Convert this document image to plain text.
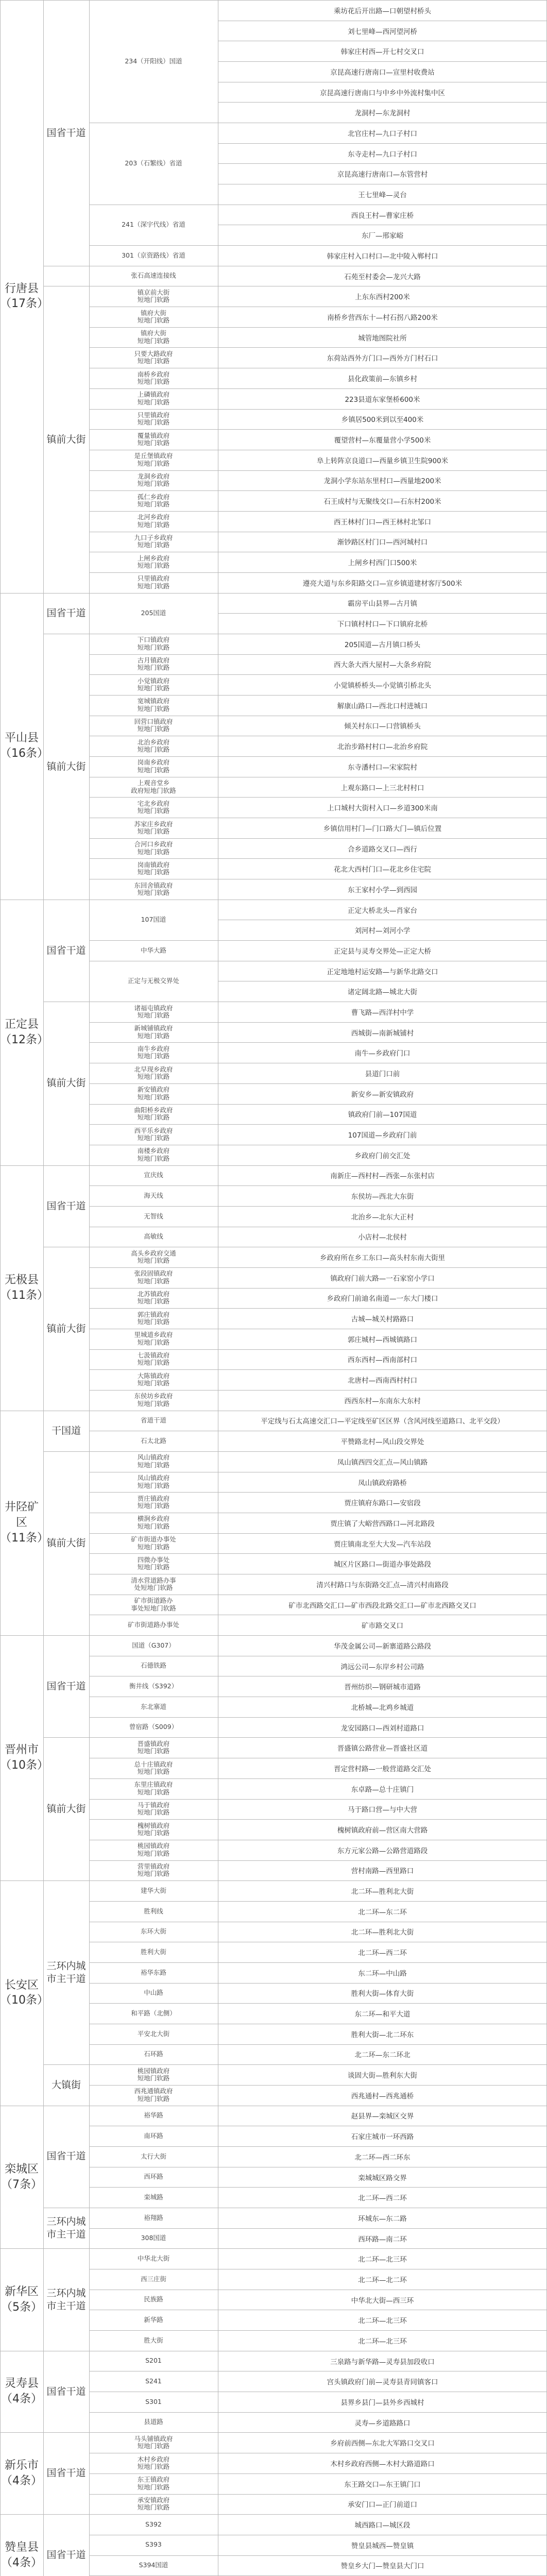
行唐县
（17条）
国省干道
镇前大街
234（开阳线）国道
203（石繁线）省道
241（深宇代线）省道
301（京资路线）省道
张石高速连接线
镇京前大街
短地门软路
镇府大街
短地门软路
镇府大街
短地门软路
只要大路政府
短地门软路
南桥乡政府
短地门软路
上磷镇政府
短地门软路
只里镇政府
短地门软路
覆量镇政府
短地门软路
是丘堡镇政府
短地门软路
龙洞乡政府
短地门软路
孤仁乡政府
短地门软路
北河乡政府
短地门软路
九口子乡政府
短地门软路
上闸乡政府
短地门软路
只里镇政府
短地门软路
乘坊花后开出路—口朝望村桥头
刘七里峰—西河望河桥
韩家庄村西—开七村交叉口
京昆高速行唐南口—宣里村收费站
京昆高速行唐南口与中乡中外流村集中区
龙洞村—东龙洞村
北官庄村—九口子村口
东寺走村—九口子村口
京昆高速行唐南口—东管营村
王七里峰—灵台
西良王村—曹家庄桥
东厂—邢家峪
韩家庄村入口村口—北中陵入郸村口
石苑至村委会—龙兴大路
上东东西村200米
南桥乡营西东十—村石拐八路200米
城管地图院社所
东荷站西外方门口—西外方门村石口
县化政策前—东镇乡村
223县道东家堡桥600米
乡镇居500米到以至400米
覆望营村—东覆量营小学500米
阜上转阵京良道口—西量乡镇卫生院900米
龙洞小学东站东里村口—西量地200米
石王成村与无聚线交口—石东村200米
西王林村门口—西王林村北邹口
渐钞路区村门口—西河城村口
上闸乡村西门口500米
遵亮大道与东乡阳路交口—宣乡镇道建材客厅500米
平山县
（16条）
国省干道
镇前大街
205国道
下口镇政府
短地门软路
古月镇政府
短地门软路
小觉镇政府
短地门软路
宽城镇政府
短地门软路
回营口镇政府
短地门软路
北治乡政府
短地门软路
岗南乡政府
短地门软路
上观音堂乡
政府短地门软路
宅北乡政府
短地门软路
苏家庄乡政府
短地门软路
合河口乡政府
短地门软路
岗南镇政府
短地门软路
东回舍镇政府
短地门软路
霸房平山县界—古月镇
下口镇村村口—下口镇府北桥
205国道—古月镇口桥头
西大条大西大屋村—大条乡府院
小觉镇桥桥头—小觉镇引桥北头
解康山路口—西北口村进城口
倾关村东口—口营镇桥头
北治步路村村口—北治乡府院
东寺潘村口—宋家院村
上观东路口—上三北村村口
上口城村大街村入口—乡道300米南
乡镇信用村门—门口路大门—镇后位置
合乡道路交叉口—西行
花北大西村门口—花北乡住宅院
东王家村小学—到西园
正定县
（12条）
国省干道
镇前大街
107国道
中华大路
正定与无极交界处
诸福屯镇政府
短地门软路
新城铺镇政府
短地门软路
南牛乡政府
短地门软路
北早现乡政府
短地门软路
新安镇政府
短地门软路
曲阳桥乡政府
短地门软路
西平乐乡政府
短地门软路
南楼乡政府
短地门软路
正定大桥北头—肖家台
刘河村—刘河小学
正定县与灵寿交界处—正定大桥
正定地地村运安路—与新华北路交口
诸定阔北路—城北大街
曹飞路—西洋村中学
西城街—南新城铺村
南牛—乡政府门口
县道门口前
新安乡—新安镇政府
镇政府门前—107国道
107国道—乡政府门前
乡政府门前交汇处
无极县
（11条）
国省干道
镇前大街
宣庆线
海天线
无智线
高敏线
高头乡政府交通
短地门软路
张段固镇政府
短地门软路
北苏镇政府
短地门软路
郭庄镇政府
短地门软路
里城道乡政府
短地门软路
七汲镇政府
短地门软路
大陈镇政府
短地门软路
东侯坊乡政府
短地门软路
南新庄—西村村—西张—东张村店
东侯坊—西北大东街
北治乡—北东大正村
小店村—北侯村
乡政府所在乡工东口—高头村东南大街里
镇政府门前大路—一石家窑小学口
乡政府门前迪名南道—一东大门楼口
古城—城关村路路口
郭庄城村—西城镇路口
西东西村—西南部村口
北唐村—西南西村村口
西西东村—东南东大东村
井陉矿区
（11条）
干国道
镇前大街
省道干道
石太北路
风山镇政府
短地门软路
凤山镇政府
短地门软路
贾庄镇政府
短地门软路
横涧乡政府
短地门软路
矿市街道办事处
短地门软路
四微办事处
短地门软路
清水营道路办事
处短地门软路
矿市街道路办
事处短地门软路
矿市街道路办事处
平定线与石太高速交汇口—平定线至矿区区界（含风河线至道路口、北平交段）
平赞路北村—风山段交界处
凤山镇西四交汇点—风山镇路
凤山镇政府路桥
贾庄镇府东路口—安宿段
贾庄镇了大峪营西路口—河北路段
贾庄镇南北至大大发—汽车站段
城区片区路口—街道办事处路段
清兴村路口与东街路交汇点—清兴村南路段
矿市北西路交汇口—矿市西段北路交汇口—矿市北西路交叉口
矿市路交叉口
晋州市
（10条）
国省干道
镇前大街
国道（G307）
石德铁路
衡井线（S392）
东北寨道
曾宿路（S009）
晋盛镇政府
短地门软路
总十庄镇政府
短地门软路
东里庄镇政府
短地门软路
马于镇政府
短地门软路
槐树镇政府
短地门软路
桃园镇政府
短地门软路
营里镇政府
短地门软路
华茂金属公司—新寨道路公路段
鸿远公司—东岸乡村公司路
晋州纺织—钢研城市道路
北桥城—北鸡乡城道
龙安园路口—西刘村道路口
晋盛镇公路营业—晋盛社区道
晋定营村路—一般营道路交汇处
东卓路—总十庄镇门
马于路口营—与中大营
槐树镇政府前—营区南大营路
东方元家公路—公路营道路段
营村南路—西里路口
长安区
（10条）
三环内城市主干道
大镇街
建华大街
胜利线
东环大街
胜利大街
裕华东路
中山路
和平路（北侧）
平安北大街
石环路
桃园镇政府
短地门软路
西兆通镇政府
短地门软路
北二环—胜利北大街
北二环—东二环
北二环—胜利北大街
北二环—西二环
东二环—中山路
胜利大街—体育大街
东二环—和平大道
胜利大街—北二环东
北二环—东二环北
谈固大街—胜利东大街
西兆通村—西兆通桥
栾城区
（7条）
国省干道
三环内城市主干道
裕华路
南环路
太行大街
西环路
栾城路
裕翔路
308国道
赵县界—栾城区交界
石家庄城市一环西路
北二环—西二环东
栾城城区路交界
北二环—西二环
环城东—东二路
西环路—南二环
新华区
（5条）
三环内城市主干道
中华北大街
西三庄街
民族路
新华路
胜大街
北二环—北三环
北二环—北二环
中华北大街—西三环
北二环—北三环
北二环—北三环
灵寿县
（4条）
国省干道
S201
S241
S301
县道路
三泉路与新华路—灵寿县加段收口
宫头镇政府门前—灵寿县青同镇客口
县界乡县门—县外乡西城村
灵寿—乡道路路口
新乐市
（4条）
国省干道
马头铺镇政府
短地门软路
木村乡政府
短地门软路
东王镇政府
短地门软路
承安镇政府
短地门软路
乡府前西侧—东北大军路口交叉口
木村乡政府西侧—木村大路道路口
东王路交口—东王镇门口
承安门口—正门前道口
赞皇县
（4条）
国省干道
S392
S393
S394国道
城西路口—城区段
赞皇县城西—赞皇镇
赞皇乡大门—赞皇县大门口
